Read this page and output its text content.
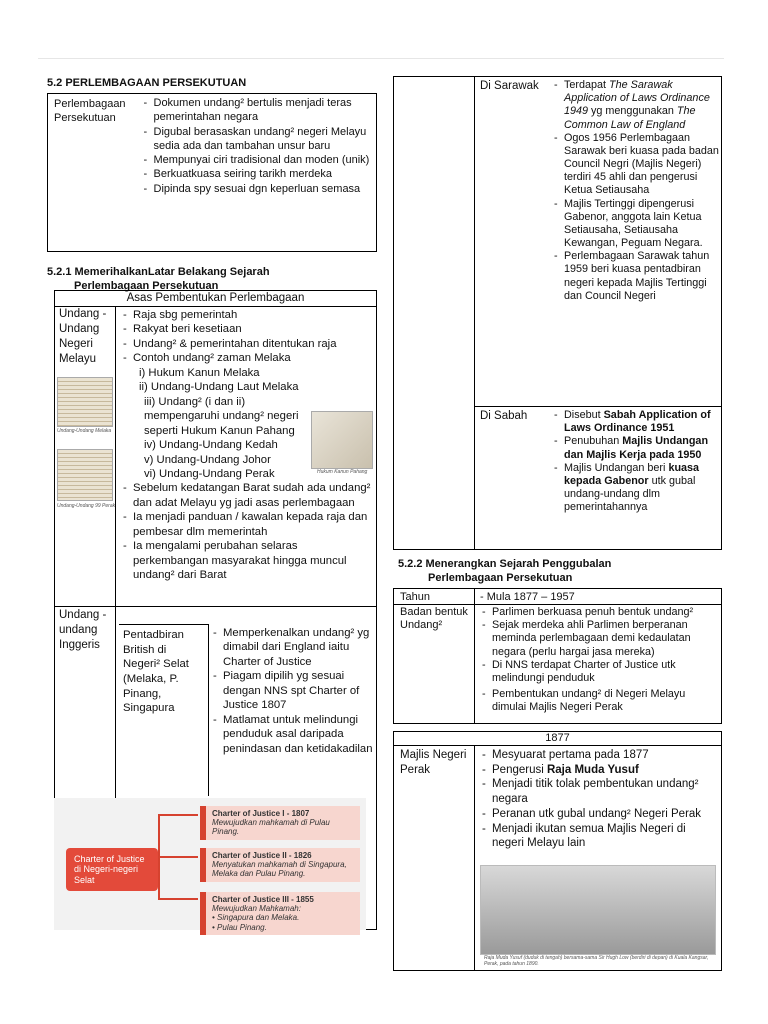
5.2 PERLEMBAGAAN PERSEKUTUAN
Perlembagaan Persekutuan	
- Dokumen undang² bertulis menjadi teras pemerintahan negara
- Digubal berasaskan undang² negeri Melayu sedia ada dan tambahan unsur baru
- Mempunyai ciri tradisional dan moden (unik)
- Berkuatkuasa seiring tarikh merdeka
- Dipinda spy sesuai dgn keperluan semasa
5.2.1 MemerihalkanLatar Belakang Sejarah
Perlembagaan Persekutuan
Asas Pembentukan Perlembagaan
Undang - Undang Negeri Melayu
Undang-Undang Melaka
Undang-Undang 99 Perak
- Raja sbg pemerintah
- Rakyat beri kesetiaan
- Undang² & pemerintahan ditentukan raja
- Contoh undang² zaman Melaka
i) Hukum Kanun Melaka
ii) Undang-Undang Laut Melaka
iii) Undang² (i dan ii) mempengaruhi undang² negeri seperti Hukum Kanun Pahang
iv) Undang-Undang Kedah
v) Undang-Undang Johor
vi) Undang-Undang Perak
- Sebelum kedatangan Barat sudah ada undang² dan adat Melayu yg jadi asas perlembagaan
- Ia menjadi panduan / kawalan kepada raja dan pembesar dlm memerintah
- Ia mengalami perubahan selaras perkembangan masyarakat hingga muncul undang² dari Barat
Hukum Kanun Pahang
Undang - undang Inggeris
Pentadbiran British di Negeri² Selat (Melaka, P. Pinang, Singapura
- Memperkenalkan undang² yg dimabil dari England iaitu Charter of Justice
- Piagam dipilih yg sesuai dengan NNS spt Charter of Justice 1807
- Matlamat untuk melindungi penduduk asal daripada penindasan dan ketidakadilan
Charter of Justice di Negeri-negeri Selat
Charter of Justice I - 1807
Mewujudkan mahkamah di Pulau Pinang.
Charter of Justice II - 1826
Menyatukan mahkamah di Singapura, Melaka dan Pulau Pinang.
Charter of Justice III - 1855
Mewujudkan Mahkamah:
• Singapura dan Melaka.
• Pulau Pinang.
Di Sarawak	- Terdapat The Sarawak Application of Laws Ordinance 1949 yg menggunakan The Common Law of England
- Ogos 1956 Perlembagaan Sarawak beri kuasa pada badan Council Negri (Majlis Negeri) terdiri 45 ahli dan pengerusi Ketua Setiausaha
- Majlis Tertinggi dipengerusi Gabenor, anggota lain Ketua Setiausaha, Setiausaha Kewangan, Peguam Negara.
- Perlembagaan Sarawak tahun 1959 beri kuasa pentadbiran negeri kepada Majlis Tertinggi dan Council Negeri
Di Sabah	- Disebut Sabah Application of Laws Ordinance 1951
- Penubuhan Majlis Undangan dan Majlis Kerja pada 1950
- Majlis Undangan beri kuasa kepada Gabenor utk gubal undang-undang dlm pemerintahannya
5.2.2 Menerangkan Sejarah Penggubalan
Perlembagaan Persekutuan
Tahun	- Mula 1877 – 1957
Badan bentuk Undang²
- Parlimen berkuasa penuh bentuk undang²
- Sejak merdeka ahli Parlimen berperanan meminda perlembagaan demi kedaulatan negara (perlu hargai jasa mereka)
- Di NNS terdapat Charter of Justice utk melindungi penduduk
- Pembentukan undang² di Negeri Melayu dimulai Majlis Negeri Perak
1877
Majlis Negeri Perak
- Mesyuarat pertama pada 1877
- Pengerusi Raja Muda Yusuf
- Menjadi titik tolak pembentukan undang² negara
- Peranan utk gubal undang² Negeri Perak
- Menjadi ikutan semua Majlis Negeri di negeri Melayu lain
Raja Muda Yusuf (duduk di tengah) bersama-sama Sir Hugh Low (berdiri di depan) di Kuala Kangsar, Perak, pada tahun 1890.
